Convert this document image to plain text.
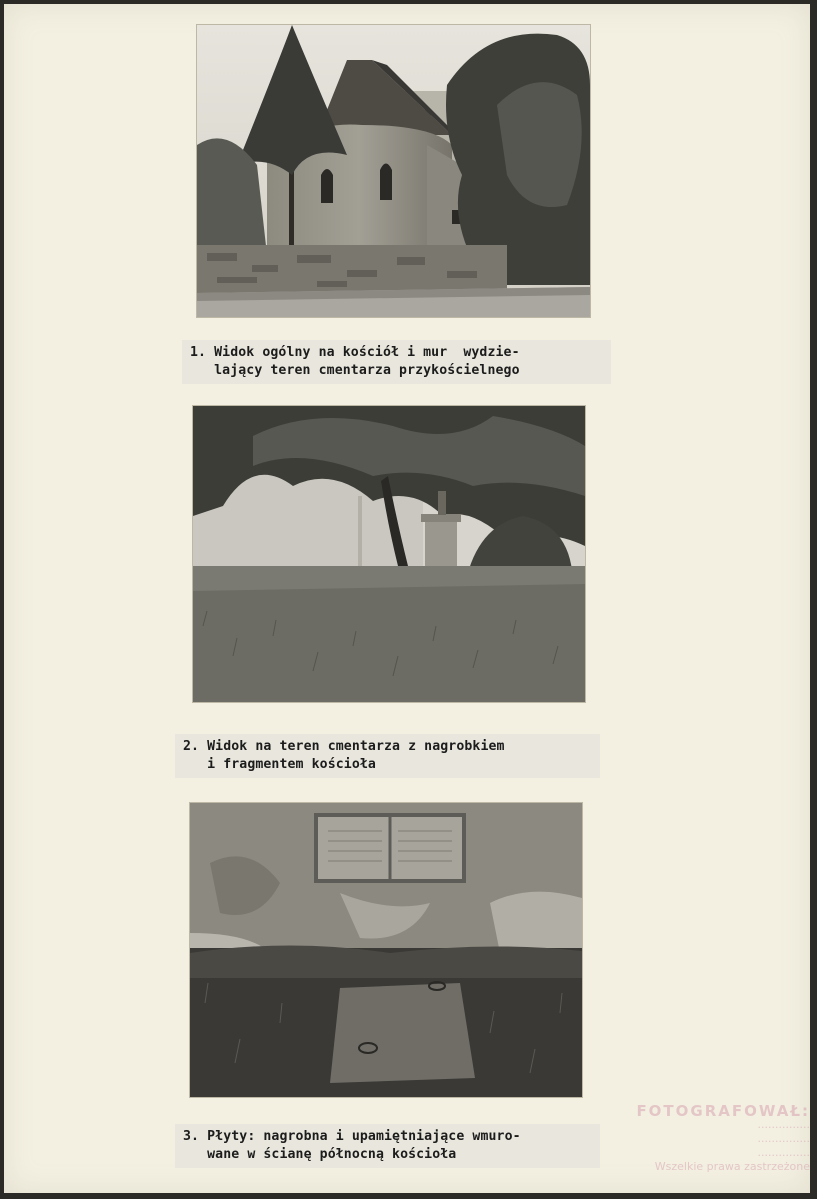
1. Widok ogólny na kościół i mur  wydzie-
lający teren cmentarza przykościelnego
2. Widok na teren cmentarza z nagrobkiem
i fragmentem kościoła
3. Płyty: nagrobna i upamiętniające wmuro-
wane w ścianę północną kościoła
FOTOGRAFOWAŁ:
...............
...............
...............
Wszelkie prawa zastrzeżone
